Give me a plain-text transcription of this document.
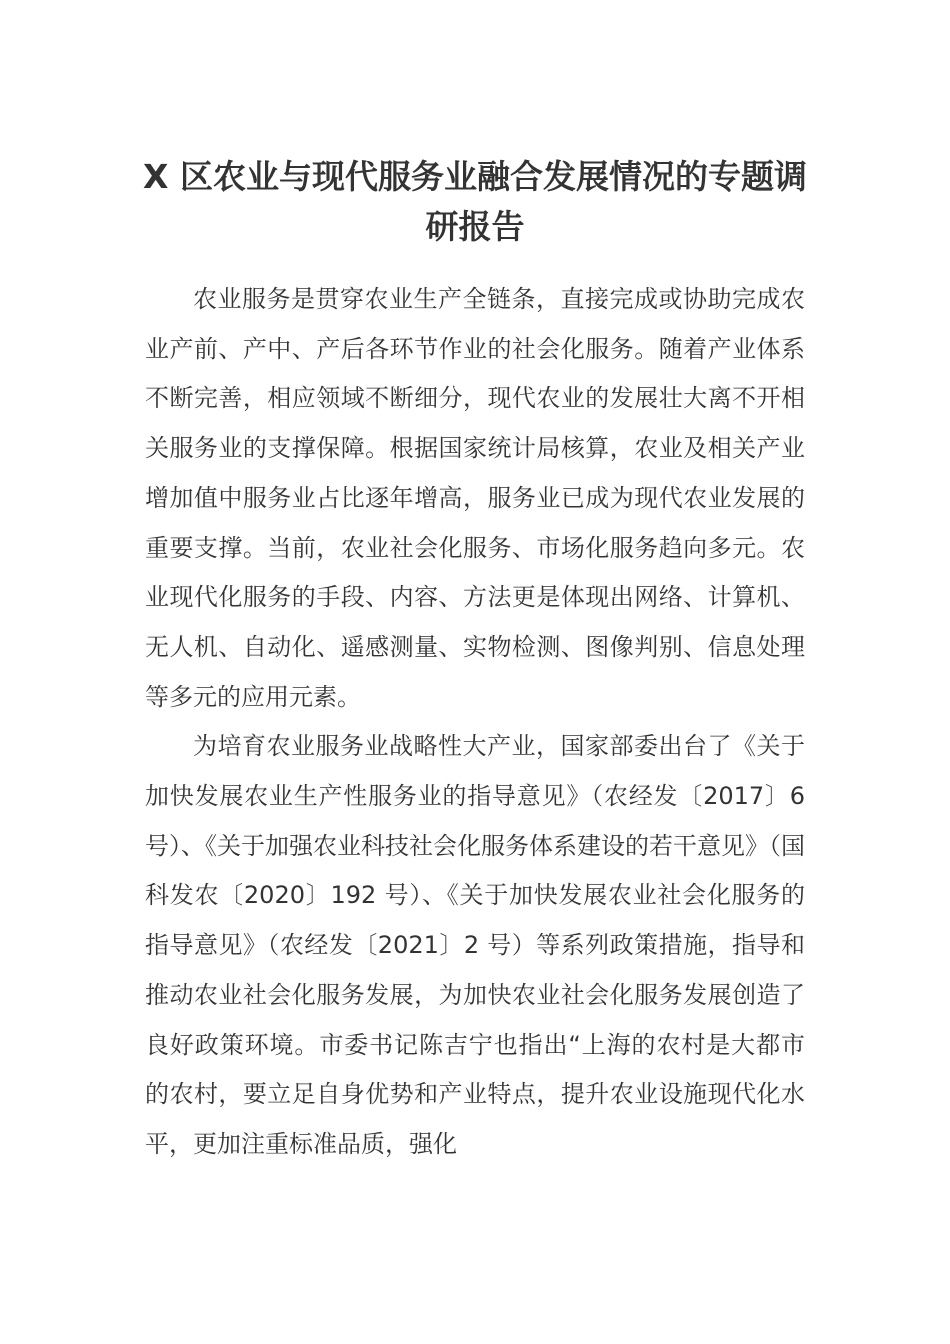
X 区农业与现代服务业融合发展情况的专题调研报告

农业服务是贯穿农业生产全链条，直接完成或协助完成农业产前、产中、产后各环节作业的社会化服务。随着产业体系不断完善，相应领域不断细分，现代农业的发展壮大离不开相关服务业的支撑保障。根据国家统计局核算，农业及相关产业增加值中服务业占比逐年增高，服务业已成为现代农业发展的重要支撑。当前，农业社会化服务、市场化服务趋向多元。农业现代化服务的手段、内容、方法更是体现出网络、计算机、无人机、自动化、遥感测量、实物检测、图像判别、信息处理等多元的应用元素。

为培育农业服务业战略性大产业，国家部委出台了《关于加快发展农业生产性服务业的指导意见》（农经发〔2017〕6 号）、《关于加强农业科技社会化服务体系建设的若干意见》（国科发农〔2020〕192 号）、《关于加快发展农业社会化服务的指导意见》（农经发〔2021〕2 号）等系列政策措施，指导和推动农业社会化服务发展，为加快农业社会化服务发展创造了良好政策环境。市委书记陈吉宁也指出“上海的农村是大都市的农村，要立足自身优势和产业特点，提升农业设施现代化水平，更加注重标准品质，强化
